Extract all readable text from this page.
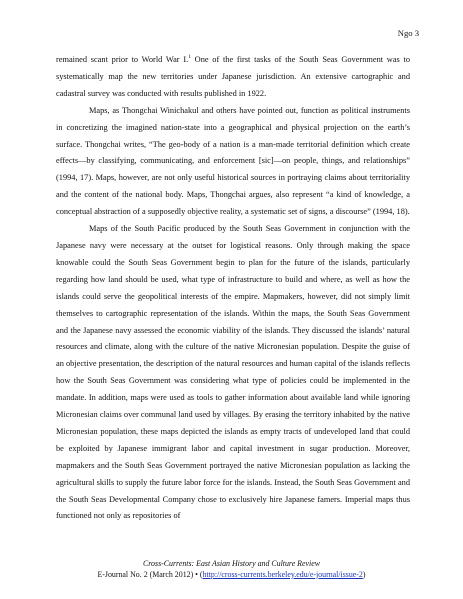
Ngo 3

remained scant prior to World War I.$^1$ One of the first tasks of the South Seas Government was to systematically map the new territories under Japanese jurisdiction. An extensive cartographic and cadastral survey was conducted with results published in 1922.

Maps, as Thongchai Winichakul and others have pointed out, function as political instruments in concretizing the imagined nation-state into a geographical and physical projection on the earth’s surface. Thongchai writes, “The geo-body of a nation is a man-made territorial definition which create effects—by classifying, communicating, and enforcement [sic]—on people, things, and relationships” (1994, 17). Maps, however, are not only useful historical sources in portraying claims about territoriality and the content of the national body. Maps, Thongchai argues, also represent “a kind of knowledge, a conceptual abstraction of a supposedly objective reality, a systematic set of signs, a discourse” (1994, 18).

Maps of the South Pacific produced by the South Seas Government in conjunction with the Japanese navy were necessary at the outset for logistical reasons. Only through making the space knowable could the South Seas Government begin to plan for the future of the islands, particularly regarding how land should be used, what type of infrastructure to build and where, as well as how the islands could serve the geopolitical interests of the empire. Mapmakers, however, did not simply limit themselves to cartographic representation of the islands. Within the maps, the South Seas Government and the Japanese navy assessed the economic viability of the islands. They discussed the islands’ natural resources and climate, along with the culture of the native Micronesian population. Despite the guise of an objective presentation, the description of the natural resources and human capital of the islands reflects how the South Seas Government was considering what type of policies could be implemented in the mandate. In addition, maps were used as tools to gather information about available land while ignoring Micronesian claims over communal land used by villages. By erasing the territory inhabited by the native Micronesian population, these maps depicted the islands as empty tracts of undeveloped land that could be exploited by Japanese immigrant labor and capital investment in sugar production. Moreover, mapmakers and the South Seas Government portrayed the native Micronesian population as lacking the agricultural skills to supply the future labor force for the islands. Instead, the South Seas Government and the South Seas Developmental Company chose to exclusively hire Japanese famers. Imperial maps thus functioned not only as repositories of

Cross-Currents: East Asian History and Culture Review
E-Journal No. 2 (March 2012) • (http://cross-currents.berkeley.edu/e-journal/issue-2)
